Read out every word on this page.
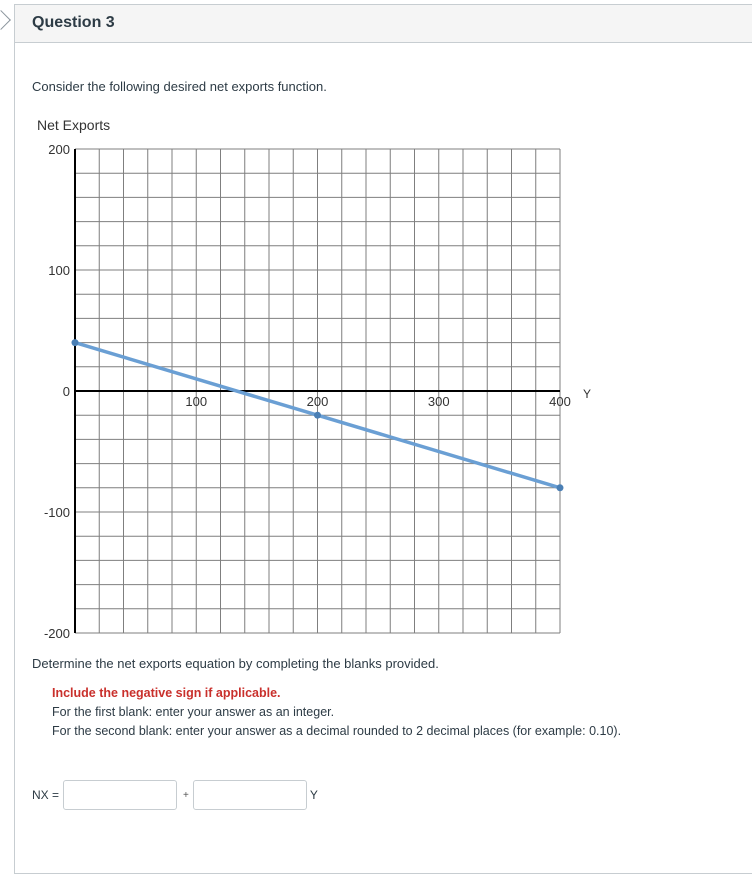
Question 3
Consider the following desired net exports function.
Net Exports
Y
200
100
0
-100
-200
100	200	300	400
Determine the net exports equation by completing the blanks provided.
Include the negative sign if applicable.
For the first blank: enter your answer as an integer.
For the second blank: enter your answer as a decimal rounded to 2 decimal places (for example: 0.10).
NX =	+	Y
